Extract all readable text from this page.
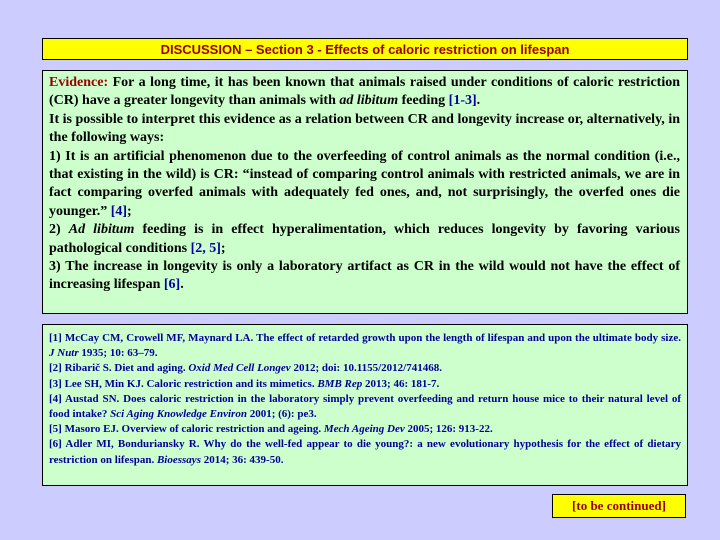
DISCUSSION – Section 3 - Effects of caloric restriction on lifespan

Evidence: For a long time, it has been known that animals raised under conditions of caloric restriction (CR) have a greater longevity than animals with ad libitum feeding [1-3].

It is possible to interpret this evidence as a relation between CR and longevity increase or, alternatively, in the following ways:

1) It is an artificial phenomenon due to the overfeeding of control animals as the normal condition (i.e., that existing in the wild) is CR: “instead of comparing control animals with restricted animals, we are in fact comparing overfed animals with adequately fed ones, and, not surprisingly, the overfed ones die younger.” [4];

2) Ad libitum feeding is in effect hyperalimentation, which reduces longevity by favoring various pathological conditions [2, 5];

3) The increase in longevity is only a laboratory artifact as CR in the wild would not have the effect of increasing lifespan [6].

[1] McCay CM, Crowell MF, Maynard LA. The effect of retarded growth upon the length of lifespan and upon the ultimate body size. J Nutr 1935; 10: 63–79.

[2] Ribarič S. Diet and aging. Oxid Med Cell Longev 2012; doi: 10.1155/2012/741468.

[3] Lee SH, Min KJ. Caloric restriction and its mimetics. BMB Rep 2013; 46: 181-7.

[4] Austad SN. Does caloric restriction in the laboratory simply prevent overfeeding and return house mice to their natural level of food intake? Sci Aging Knowledge Environ 2001; (6): pe3.

[5] Masoro EJ. Overview of caloric restriction and ageing. Mech Ageing Dev 2005; 126: 913-22.

[6] Adler MI, Bonduriansky R. Why do the well-fed appear to die young?: a new evolutionary hypothesis for the effect of dietary restriction on lifespan. Bioessays 2014; 36: 439-50.

[to be continued]
